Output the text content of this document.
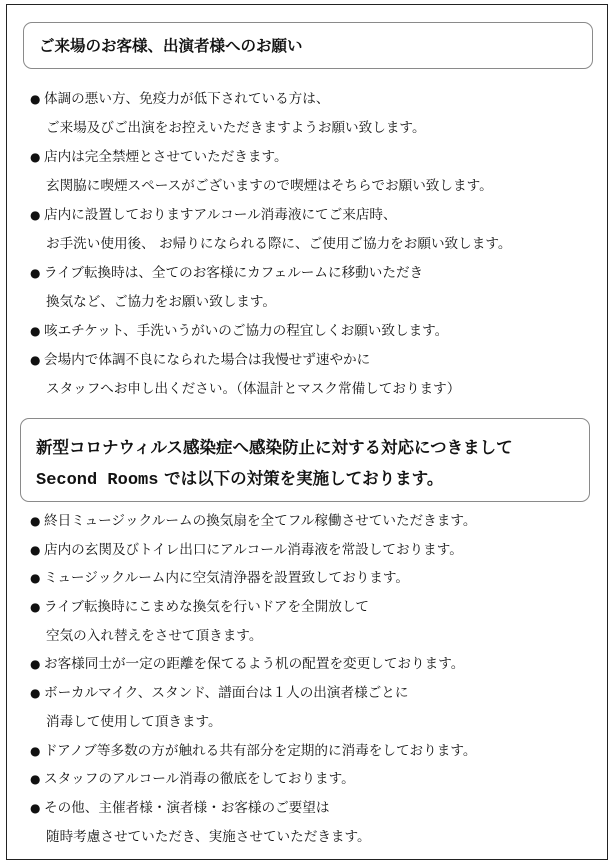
ご来場のお客様、出演者様へのお願い
● 体調の悪い方、免疫力が低下されている方は、
ご来場及びご出演をお控えいただきますようお願い致します。
● 店内は完全禁煙とさせていただきます。
玄関脇に喫煙スペースがございますので喫煙はそちらでお願い致します。
● 店内に設置しておりますアルコール消毒液にてご来店時、
お手洗い使用後、 お帰りになられる際に、ご使用ご協力をお願い致します。
● ライブ転換時は、全てのお客様にカフェルームに移動いただき
換気など、ご協力をお願い致します。
● 咳エチケット、手洗いうがいのご協力の程宜しくお願い致します。
● 会場内で体調不良になられた場合は我慢せず速やかに
スタッフへお申し出ください。（体温計とマスク常備しております）
新型コロナウィルス感染症へ感染防止に対する対応につきまして
Second Rooms では以下の対策を実施しております。
● 終日ミュージックルームの換気扇を全てフル稼働させていただきます。
● 店内の玄関及びトイレ出口にアルコール消毒液を常設しております。
● ミュージックルーム内に空気清浄器を設置致しております。
● ライブ転換時にこまめな換気を行いドアを全開放して
空気の入れ替えをさせて頂きます。
● お客様同士が一定の距離を保てるよう机の配置を変更しております。
● ボーカルマイク、スタンド、譜面台は１人の出演者様ごとに
消毒して使用して頂きます。
● ドアノブ等多数の方が触れる共有部分を定期的に消毒をしております。
● スタッフのアルコール消毒の徹底をしております。
● その他、主催者様・演者様・お客様のご要望は
随時考慮させていただき、実施させていただきます。
